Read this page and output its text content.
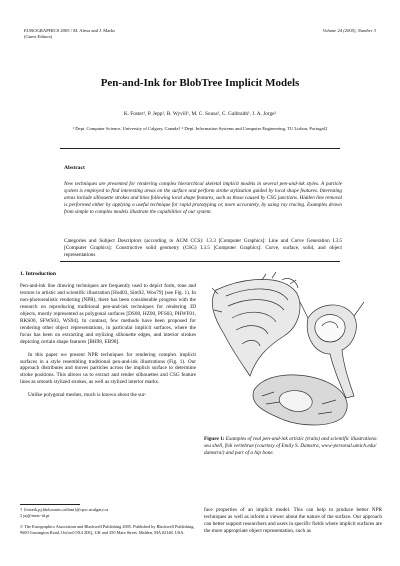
EUROGRAPHICS 2005 / M. Alexa and J. Marks
(Guest Editors)
Volume 24 (2005), Number 3
Pen-and-Ink for BlobTree Implicit Models
K. Foster¹, P. Jepp¹, B. Wyvill¹, M. C. Sousa¹, C. Galbraith¹, J. A. Jorge²
¹ Dept. Computer Science, University of Calgary, Canada† ² Dept. Information Systems and Computer Engineering, TU Lisbon, Portugal‡
Abstract
New techniques are presented for rendering complex hierarchical skeletal implicit models in several pen-and-ink styles. A particle system is employed to find interesting areas on the surface and perform stroke stylization guided by local shape features. Interesting areas include silhouette strokes and lines following local shape features, such as those caused by CSG junctions. Hidden line removal is performed either by applying a useful technique for rapid prototyping or, more accurately, by using ray tracing. Examples drawn from simple to complex models illustrate the capabilities of our system.
Categories and Subject Descriptors (according to ACM CCS): I.3.3 [Computer Graphics]: Line and Curve Generation I.3.5 [Computer Graphics]: Constructive solid geometry (CSG) I.3.5 [Computer Graphics]: Curve, surface, solid, and object representations
1. Introduction

Pen-and-ink line drawing techniques are frequently used to depict form, tone and texture in artistic and scientific illustration [Hod03, Sim92, Woo79] (see Fig. 1). In non-photorealistic rendering (NPR), there has been considerable progress with the research on reproducing traditional pen-and-ink techniques for rendering 3D objects, mostly represented as polygonal surfaces [DS00, HZ00, PFS03, PHWF01, RKS00, SFWS03, WS94]. In contrast, few methods have been proposed for rendering other object representations, in particular implicit surfaces, where the focus has been on extracting and stylizing silhouette edges, and interior strokes depicting certain shape features [BH98, EB98].

In this paper we present NPR techniques for rendering complex implicit surfaces in a style resembling traditional pen-and-ink illustrations (Fig. 1). Our approach distributes and moves particles across the implicit surface to determine stroke positions. This allows us to extract and render silhouettes and CSG feature lines as smooth stylized strokes, as well as stylized interior marks.

Unlike polygonal meshes, much is known about the sur-

† {fosterk,pj,blob,mario,callum}@cpsc.ucalgary.ca
‡ jaj@inesc-id.pt
© The Eurographics Association and Blackwell Publishing 2005. Published by Blackwell Publishing, 9600 Garsington Road, Oxford OX4 2DQ, UK and 350 Main Street, Malden, MA 02148, USA.
Figure 1: Examples of real pen-and-ink artistic (traits) and scientific illustrations: sea shell, fish vertebrae (courtesy of Emily S. Damstra, www-personal.umich.edu/ damstra/) and part of a hip bone.
face properties of an implicit model. This can help to produce better NPR techniques as well as inform a viewer about the nature of the surface. Our approach can better support researchers and users in specific fields where implicit surfaces are the more appropriate object representation, such as
